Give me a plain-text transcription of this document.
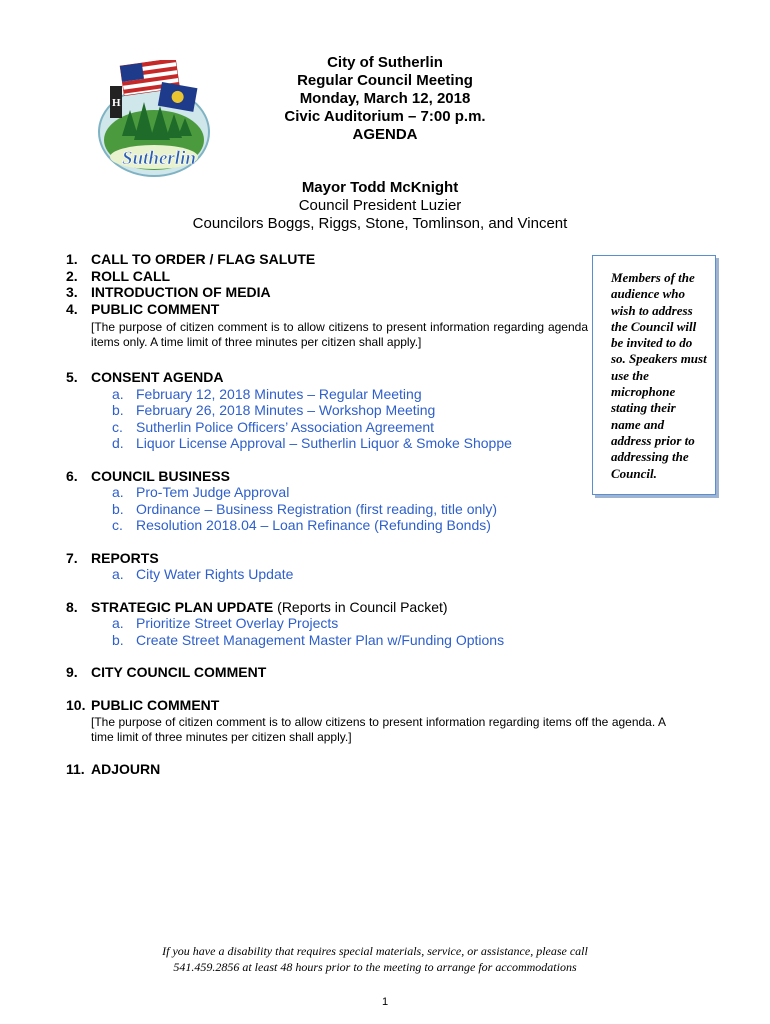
H
Sutherlin
City of Sutherlin
Regular Council Meeting
Monday, March 12, 2018
Civic Auditorium – 7:00 p.m.
AGENDA
Mayor Todd McKnight
Council President Luzier
Councilors Boggs, Riggs, Stone, Tomlinson, and Vincent
Members of the audience who wish to address the Council will be invited to do so. Speakers must use the microphone stating their name and address prior to addressing the Council.
1. CALL TO ORDER / FLAG SALUTE
2. ROLL CALL
3. INTRODUCTION OF MEDIA
4. PUBLIC COMMENT
[The purpose of citizen comment is to allow citizens to present information regarding agenda items only. A time limit of three minutes per citizen shall apply.]
5. CONSENT AGENDA
a. February 12, 2018 Minutes – Regular Meeting
b. February 26, 2018 Minutes – Workshop Meeting
c. Sutherlin Police Officers’ Association Agreement
d. Liquor License Approval – Sutherlin Liquor & Smoke Shoppe
6. COUNCIL BUSINESS
a. Pro-Tem Judge Approval
b. Ordinance – Business Registration (first reading, title only)
c. Resolution 2018.04 – Loan Refinance (Refunding Bonds)
7. REPORTS
a. City Water Rights Update
8. STRATEGIC PLAN UPDATE (Reports in Council Packet)
a. Prioritize Street Overlay Projects
b. Create Street Management Master Plan w/Funding Options
9. CITY COUNCIL COMMENT
10. PUBLIC COMMENT
[The purpose of citizen comment is to allow citizens to present information regarding items off the agenda. A time limit of three minutes per citizen shall apply.]
11. ADJOURN
If you have a disability that requires special materials, service, or assistance, please call
541.459.2856 at least 48 hours prior to the meeting to arrange for accommodations
1
